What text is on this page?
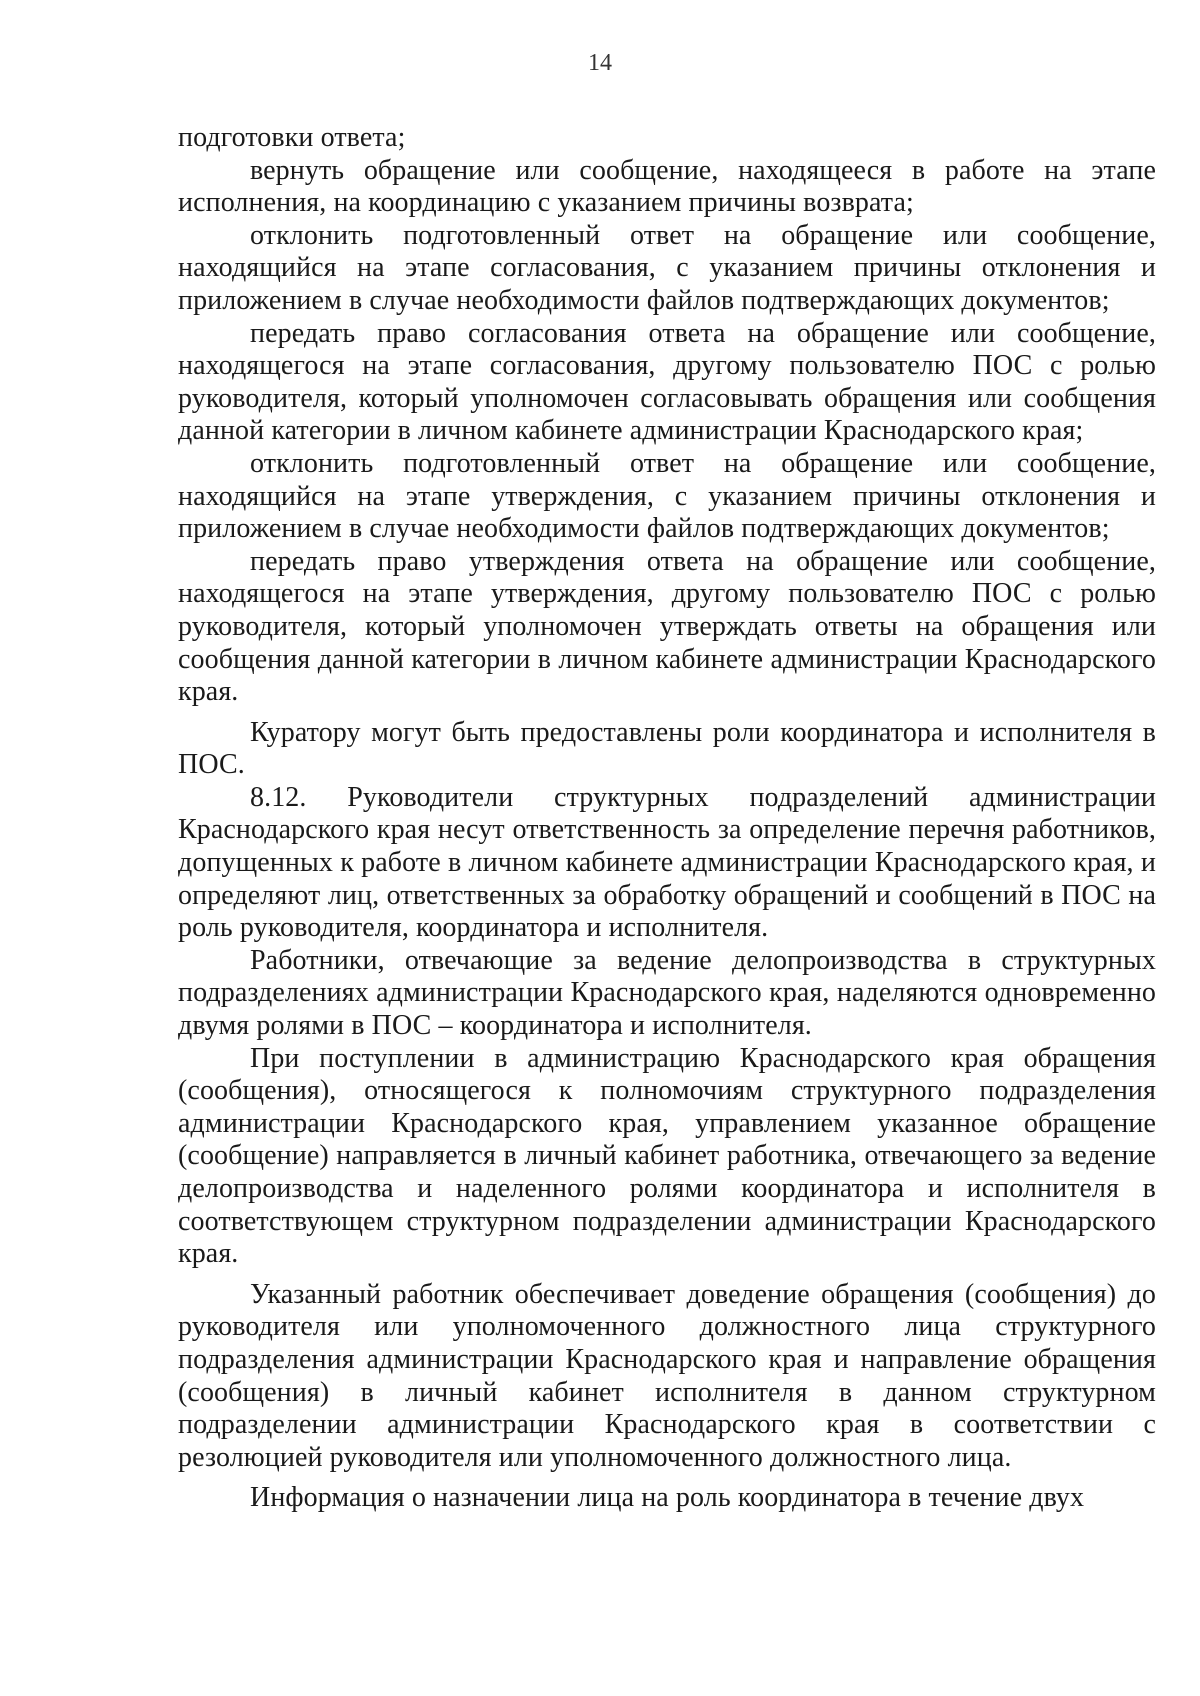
14

подготовки ответа;

вернуть обращение или сообщение, находящееся в работе на этапе исполнения, на координацию с указанием причины возврата;

отклонить подготовленный ответ на обращение или сообщение, находящийся на этапе согласования, с указанием причины отклонения и приложением в случае необходимости файлов подтверждающих документов;

передать право согласования ответа на обращение или сообщение, находящегося на этапе согласования, другому пользователю ПОС с ролью руководителя, который уполномочен согласовывать обращения или сообщения данной категории в личном кабинете администрации Краснодарского края;

отклонить подготовленный ответ на обращение или сообщение, находящийся на этапе утверждения, с указанием причины отклонения и приложением в случае необходимости файлов подтверждающих документов;

передать право утверждения ответа на обращение или сообщение, находящегося на этапе утверждения, другому пользователю ПОС с ролью руководителя, который уполномочен утверждать ответы на обращения или сообщения данной категории в личном кабинете администрации Краснодарского края.

Куратору могут быть предоставлены роли координатора и исполнителя в ПОС.

8.12. Руководители структурных подразделений администрации Краснодарского края несут ответственность за определение перечня работников, допущенных к работе в личном кабинете администрации Краснодарского края, и определяют лиц, ответственных за обработку обращений и сообщений в ПОС на роль руководителя, координатора и исполнителя.

Работники, отвечающие за ведение делопроизводства в структурных подразделениях администрации Краснодарского края, наделяются одновременно двумя ролями в ПОС – координатора и исполнителя.

При поступлении в администрацию Краснодарского края обращения (сообщения), относящегося к полномочиям структурного подразделения администрации Краснодарского края, управлением указанное обращение (сообщение) направляется в личный кабинет работника, отвечающего за ведение делопроизводства и наделенного ролями координатора и исполнителя в соответствующем структурном подразделении администрации Краснодарского края.

Указанный работник обеспечивает доведение обращения (сообщения) до руководителя или уполномоченного должностного лица структурного подразделения администрации Краснодарского края и направление обращения (сообщения) в личный кабинет исполнителя в данном структурном подразделении администрации Краснодарского края в соответствии с резолюцией руководителя или уполномоченного должностного лица.

Информация о назначении лица на роль координатора в течение двух
